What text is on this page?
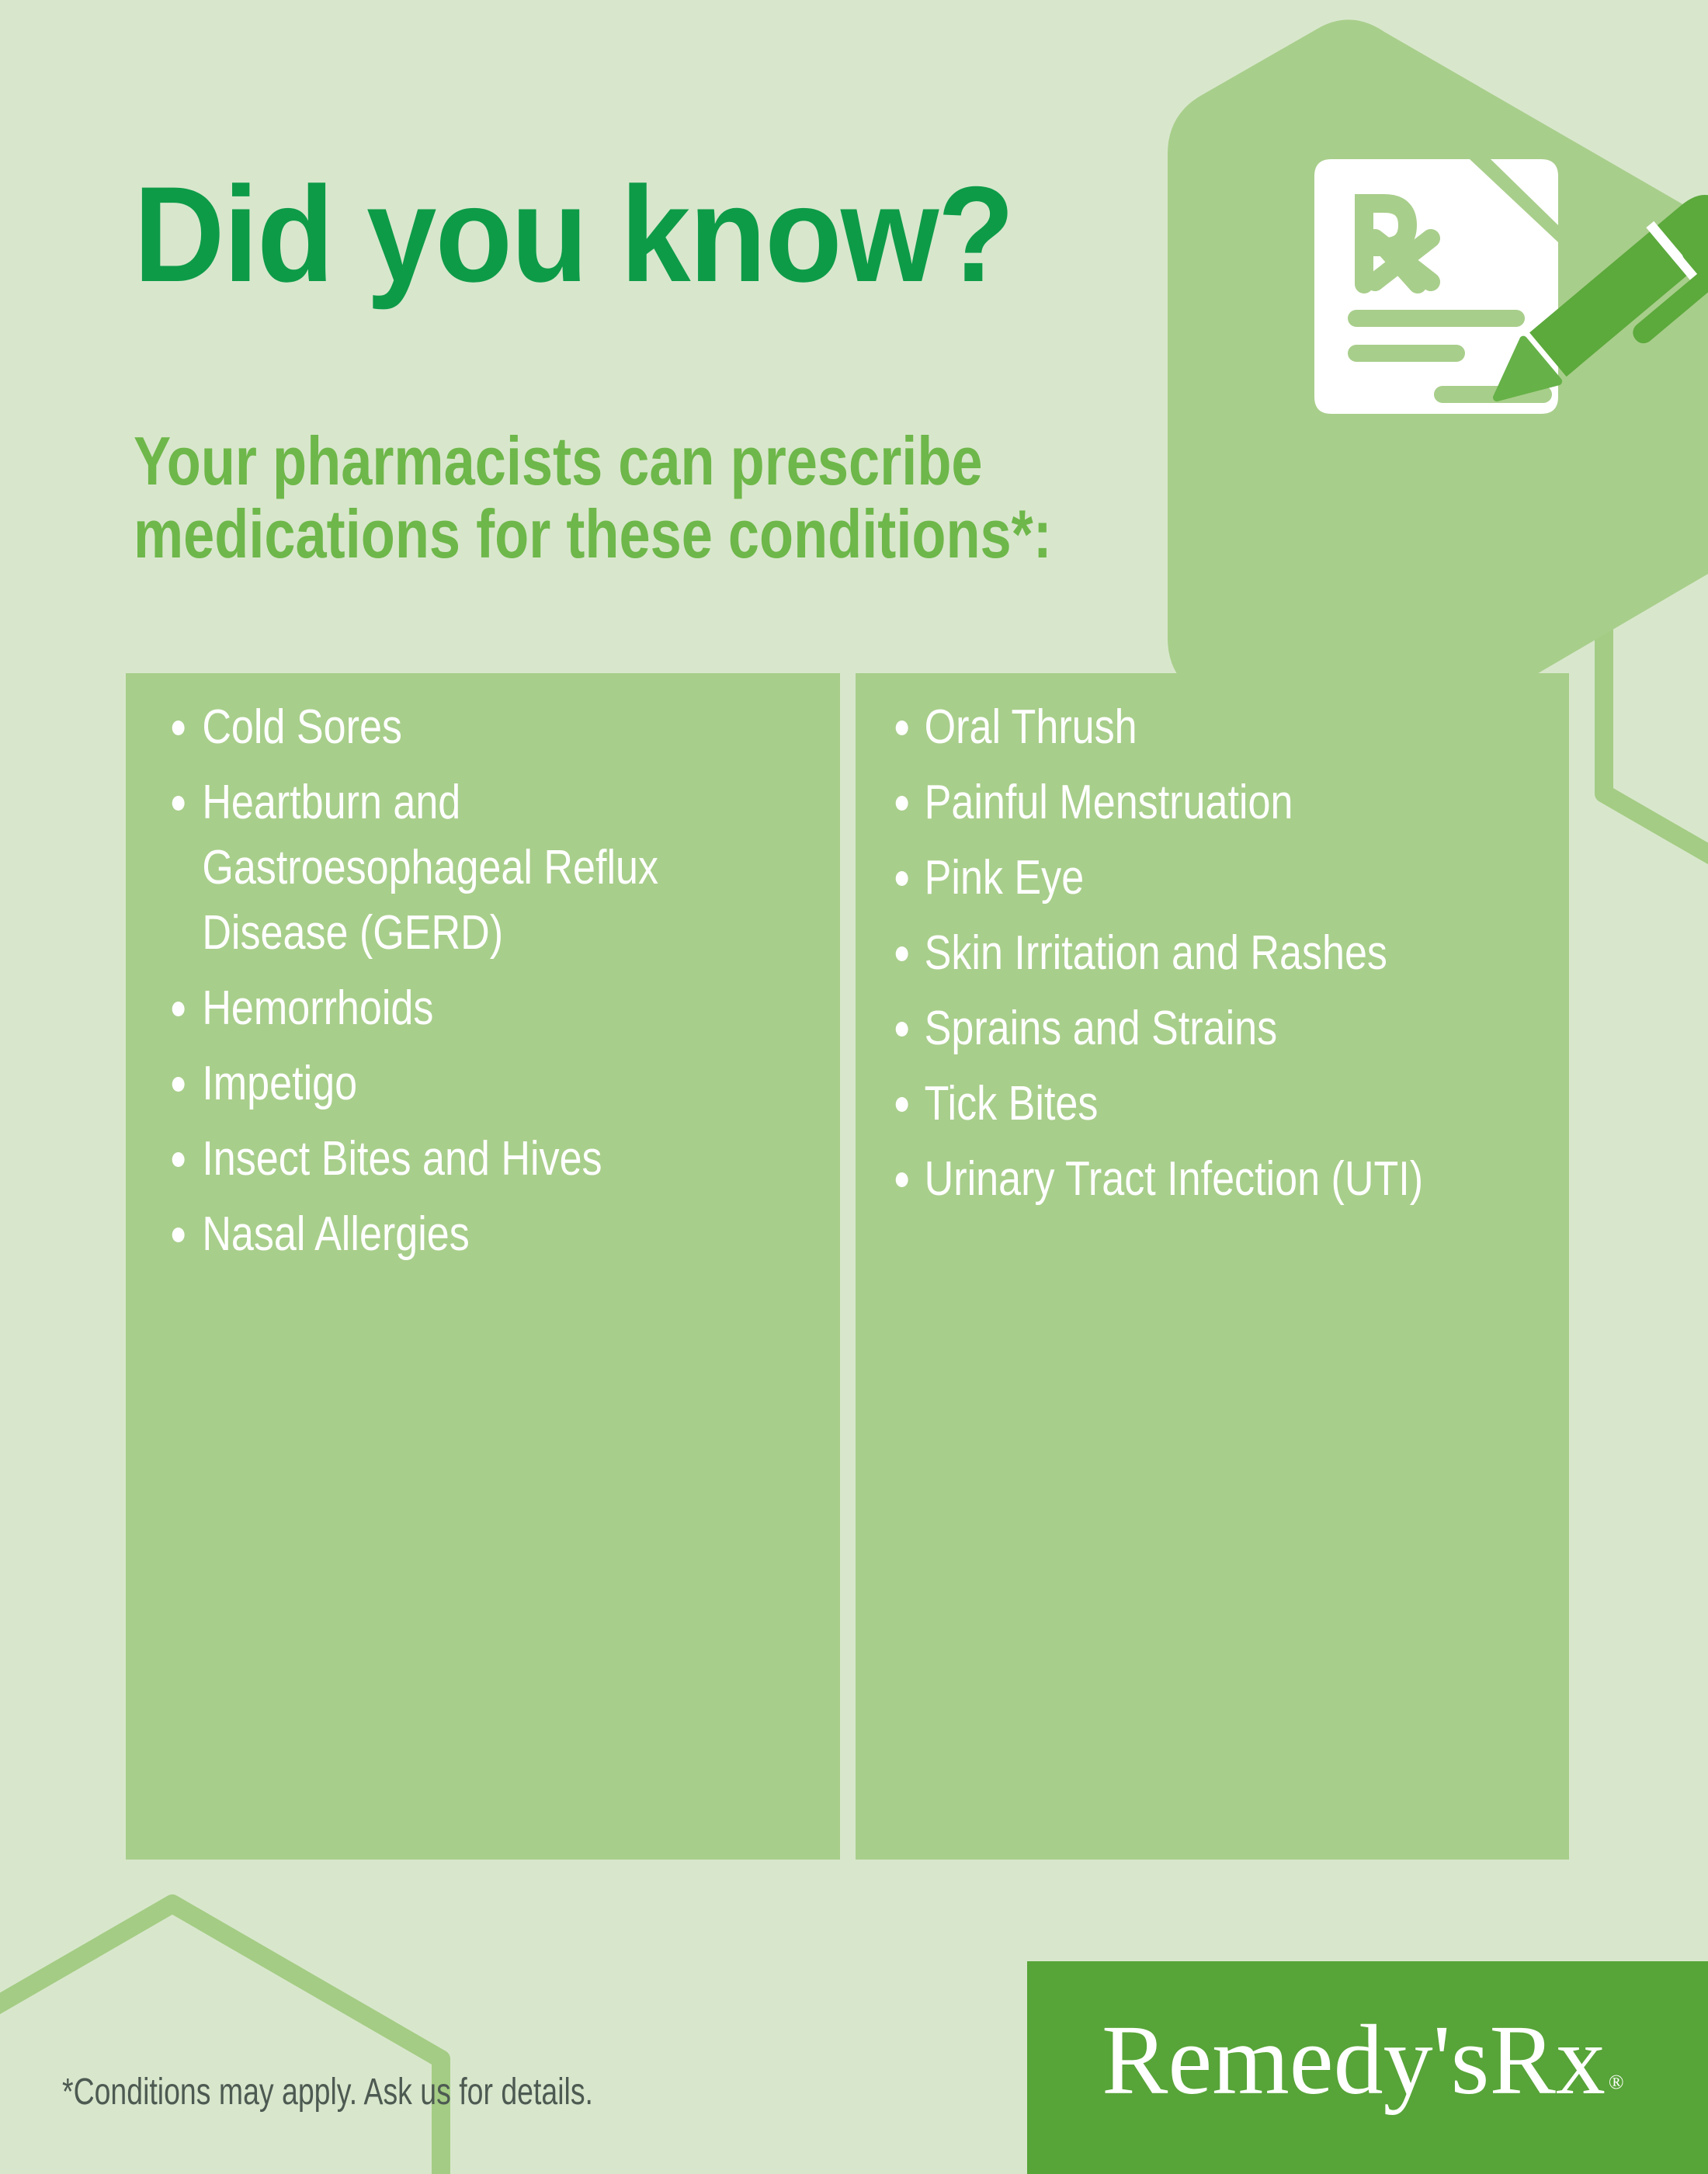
Did you know?
Your pharmacists can prescribe medications for these conditions*:
Cold Sores
Heartburn and Gastroesophageal Reflux Disease (GERD)
Hemorrhoids
Impetigo
Insect Bites and Hives
Nasal Allergies
Oral Thrush
Painful Menstruation
Pink Eye
Skin Irritation and Rashes
Sprains and Strains
Tick Bites
Urinary Tract Infection (UTI)
*Conditions may apply. Ask us for details.	Remedy'sRx ®
